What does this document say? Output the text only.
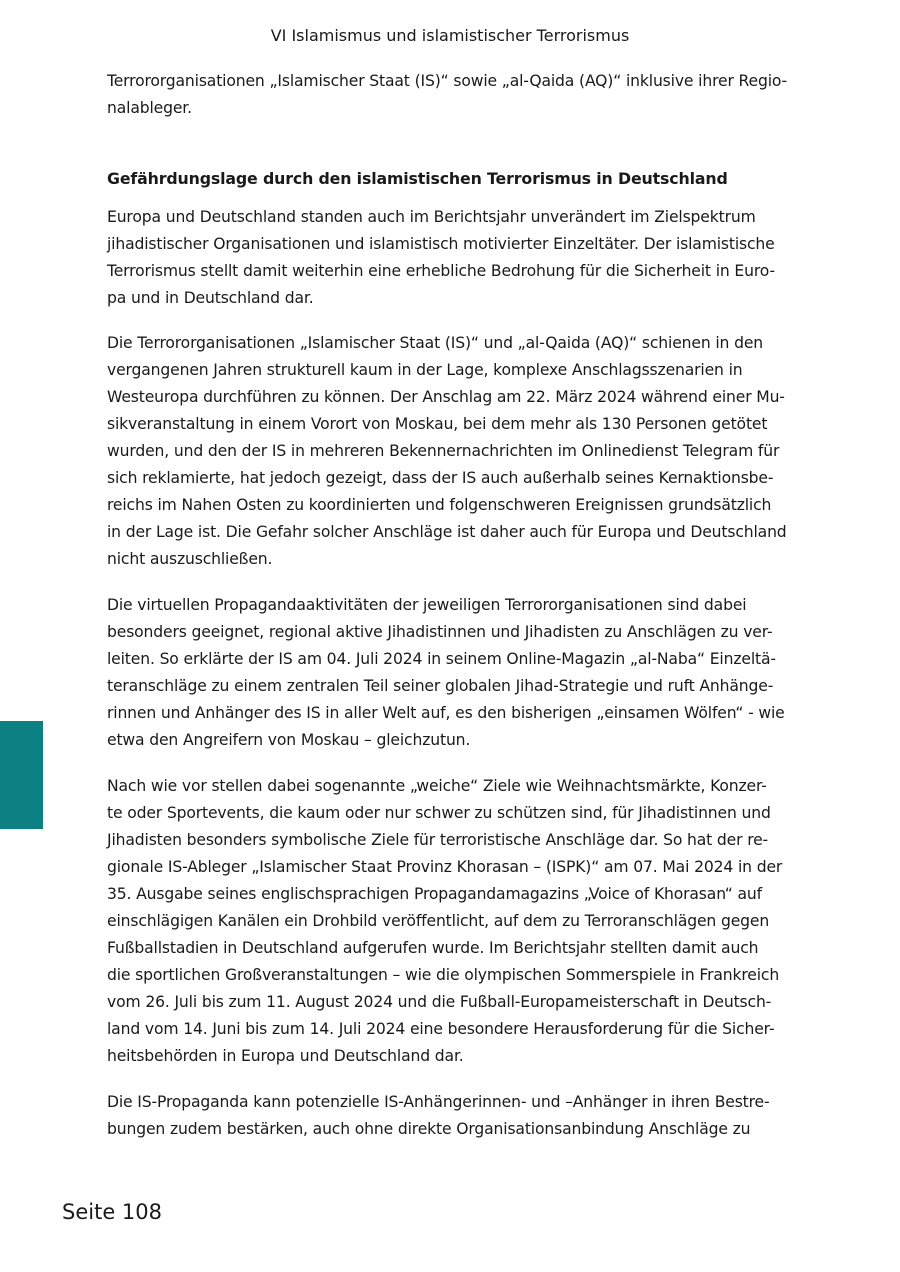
VI Islamismus und islamistischer Terrorismus
Terrororganisationen „Islamischer Staat (IS)“ sowie „al-Qaida (AQ)“ inklusive ihrer Regio-
nalableger.
Gefährdungslage durch den islamistischen Terrorismus in Deutschland
Europa und Deutschland standen auch im Berichtsjahr unverändert im Zielspektrum
jihadistischer Organisationen und islamistisch motivierter Einzeltäter. Der islamistische
Terrorismus stellt damit weiterhin eine erhebliche Bedrohung für die Sicherheit in Euro-
pa und in Deutschland dar.
Die Terrororganisationen „Islamischer Staat (IS)“ und „al-Qaida (AQ)“ schienen in den
vergangenen Jahren strukturell kaum in der Lage, komplexe Anschlagsszenarien in
Westeuropa durchführen zu können. Der Anschlag am 22. März 2024 während einer Mu-
sikveranstaltung in einem Vorort von Moskau, bei dem mehr als 130 Personen getötet
wurden, und den der IS in mehreren Bekennernachrichten im Onlinedienst Telegram für
sich reklamierte, hat jedoch gezeigt, dass der IS auch außerhalb seines Kernaktionsbe-
reichs im Nahen Osten zu koordinierten und folgenschweren Ereignissen grundsätzlich
in der Lage ist. Die Gefahr solcher Anschläge ist daher auch für Europa und Deutschland
nicht auszuschließen.
Die virtuellen Propagandaaktivitäten der jeweiligen Terrororganisationen sind dabei
besonders geeignet, regional aktive Jihadistinnen und Jihadisten zu Anschlägen zu ver-
leiten. So erklärte der IS am 04. Juli 2024 in seinem Online-Magazin „al-Naba“ Einzeltä-
teranschläge zu einem zentralen Teil seiner globalen Jihad-Strategie und ruft Anhänge-
rinnen und Anhänger des IS in aller Welt auf, es den bisherigen „einsamen Wölfen“ - wie
etwa den Angreifern von Moskau – gleichzutun.
Nach wie vor stellen dabei sogenannte „weiche“ Ziele wie Weihnachtsmärkte, Konzer-
te oder Sportevents, die kaum oder nur schwer zu schützen sind, für Jihadistinnen und
Jihadisten besonders symbolische Ziele für terroristische Anschläge dar. So hat der re-
gionale IS-Ableger „Islamischer Staat Provinz Khorasan – (ISPK)“ am 07. Mai 2024 in der
35. Ausgabe seines englischsprachigen Propagandamagazins „Voice of Khorasan“ auf
einschlägigen Kanälen ein Drohbild veröffentlicht, auf dem zu Terroranschlägen gegen
Fußballstadien in Deutschland aufgerufen wurde. Im Berichtsjahr stellten damit auch
die sportlichen Großveranstaltungen – wie die olympischen Sommerspiele in Frankreich
vom 26. Juli bis zum 11. August 2024 und die Fußball-Europameisterschaft in Deutsch-
land vom 14. Juni bis zum 14. Juli 2024 eine besondere Herausforderung für die Sicher-
heitsbehörden in Europa und Deutschland dar.
Die IS-Propaganda kann potenzielle IS-Anhängerinnen- und –Anhänger in ihren Bestre-
bungen zudem bestärken, auch ohne direkte Organisationsanbindung Anschläge zu
Seite 108
